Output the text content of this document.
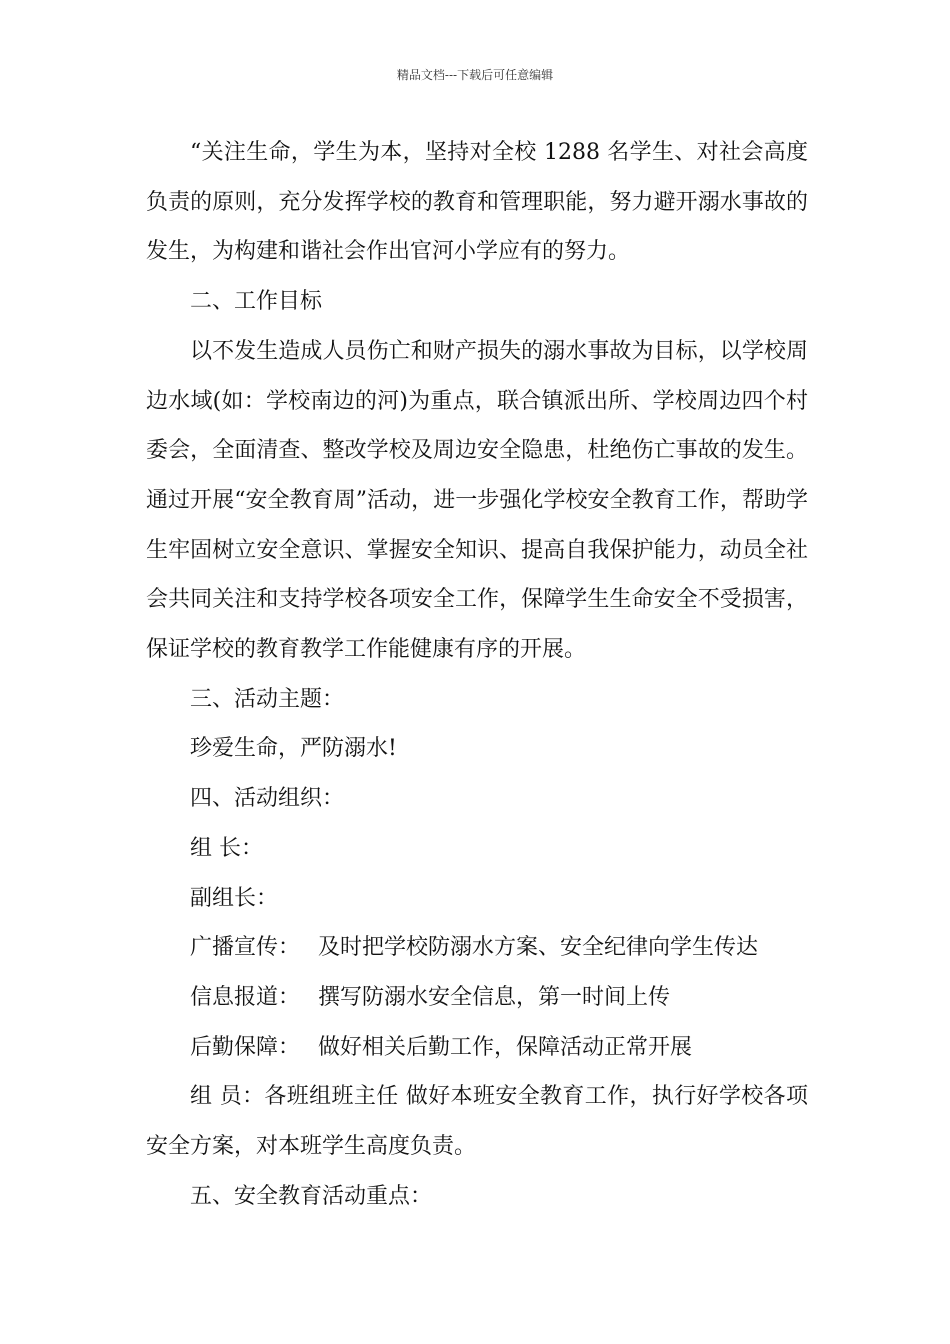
精品文档---下载后可任意编辑

“关注生命，学生为本，坚持对全校 1288 名学生、对社会高度负责的原则，充分发挥学校的教育和管理职能，努力避开溺水事故的发生，为构建和谐社会作出官河小学应有的努力。

二、工作目标

以不发生造成人员伤亡和财产损失的溺水事故为目标，以学校周边水域(如：学校南边的河)为重点，联合镇派出所、学校周边四个村委会，全面清查、整改学校及周边安全隐患，杜绝伤亡事故的发生。通过开展“安全教育周”活动，进一步强化学校安全教育工作，帮助学生牢固树立安全意识、掌握安全知识、提高自我保护能力，动员全社会共同关注和支持学校各项安全工作，保障学生生命安全不受损害，保证学校的教育教学工作能健康有序的开展。

三、活动主题：

珍爱生命，严防溺水!

四、活动组织：

组 长：

副组长：

广播宣传： 及时把学校防溺水方案、安全纪律向学生传达

信息报道： 撰写防溺水安全信息，第一时间上传

后勤保障： 做好相关后勤工作，保障活动正常开展

组 员：各班组班主任 做好本班安全教育工作，执行好学校各项安全方案，对本班学生高度负责。

五、安全教育活动重点：
